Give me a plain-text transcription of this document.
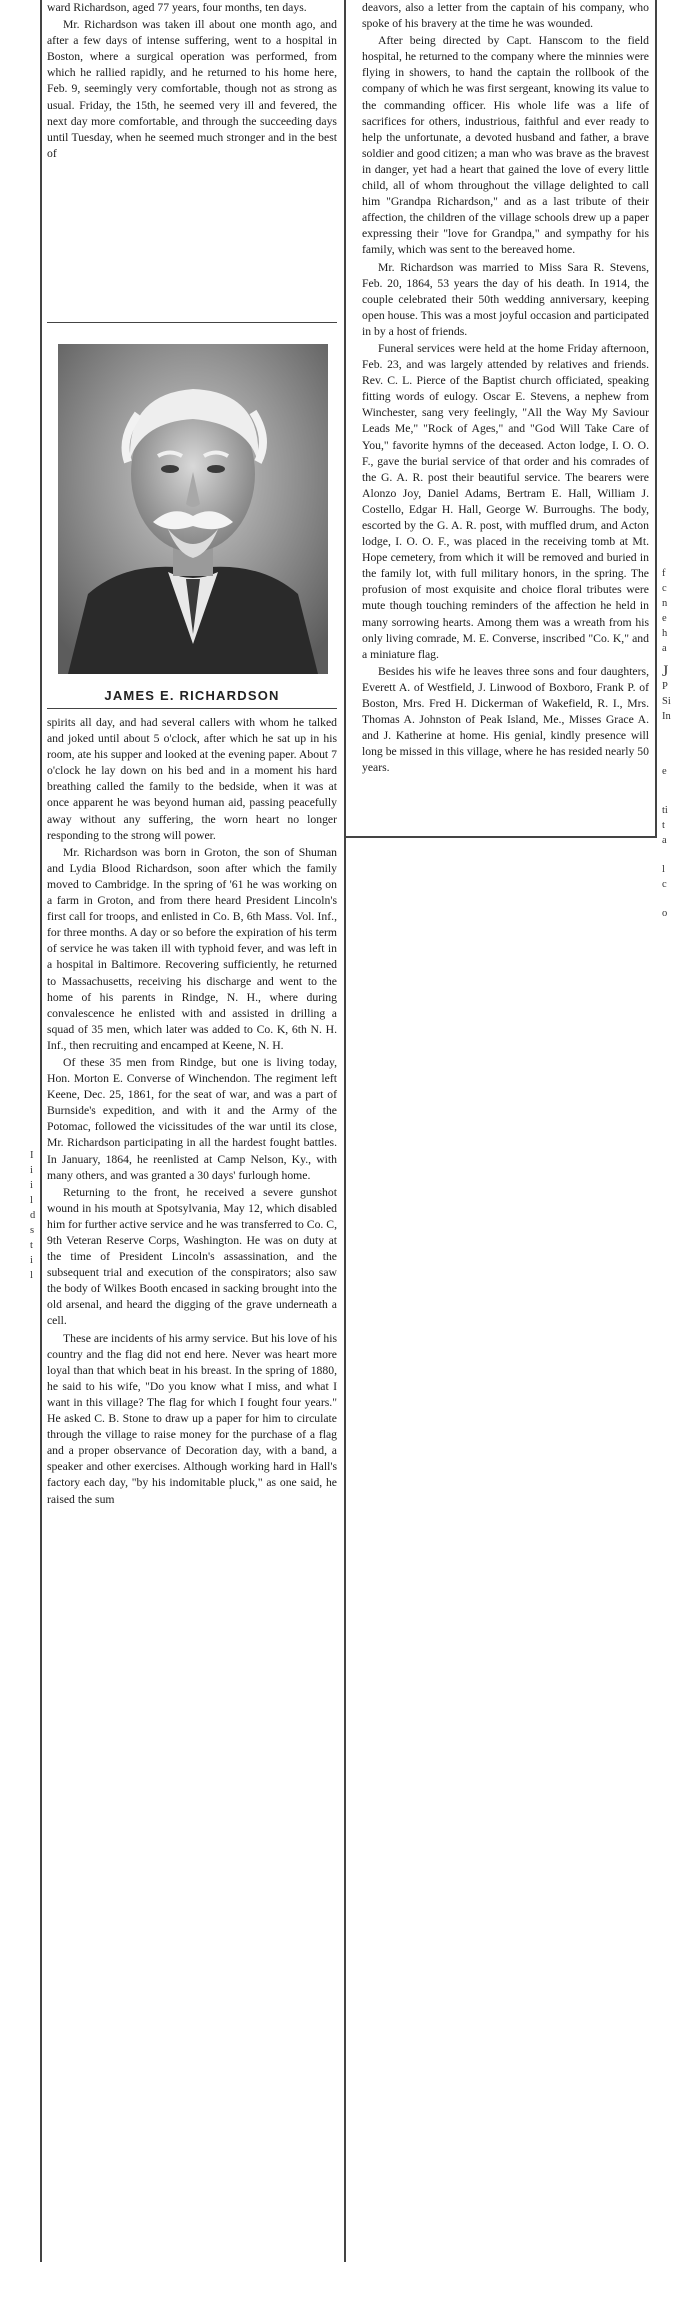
ward Richardson, aged 77 years, four months, ten days.

Mr. Richardson was taken ill about one month ago, and after a few days of intense suffering, went to a hospital in Boston, where a surgical operation was performed, from which he rallied rapidly, and he returned to his home here, Feb. 9, seemingly very comfortable, though not as strong as usual. Friday, the 15th, he seemed very ill and fevered, the next day more comfortable, and through the succeeding days until Tuesday, when he seemed much stronger and in the best of

JAMES E. RICHARDSON

spirits all day, and had several callers with whom he talked and joked until about 5 o'clock, after which he sat up in his room, ate his supper and looked at the evening paper. About 7 o'clock he lay down on his bed and in a moment his hard breathing called the family to the bedside, when it was at once apparent he was beyond human aid, passing peacefully away without any suffering, the worn heart no longer responding to the strong will power.

Mr. Richardson was born in Groton, the son of Shuman and Lydia Blood Richardson, soon after which the family moved to Cambridge. In the spring of '61 he was working on a farm in Groton, and from there heard President Lincoln's first call for troops, and enlisted in Co. B, 6th Mass. Vol. Inf., for three months. A day or so before the expiration of his term of service he was taken ill with typhoid fever, and was left in a hospital in Baltimore. Recovering sufficiently, he returned to Massachusetts, receiving his discharge and went to the home of his parents in Rindge, N. H., where during convalescence he enlisted with and assisted in drilling a squad of 35 men, which later was added to Co. K, 6th N. H. Inf., then recruiting and encamped at Keene, N. H.

Of these 35 men from Rindge, but one is living today, Hon. Morton E. Converse of Winchendon. The regiment left Keene, Dec. 25, 1861, for the seat of war, and was a part of Burnside's expedition, and with it and the Army of the Potomac, followed the vicissitudes of the war until its close, Mr. Richardson participating in all the hardest fought battles. In January, 1864, he reenlisted at Camp Nelson, Ky., with many others, and was granted a 30 days' furlough home.

Returning to the front, he received a severe gunshot wound in his mouth at Spotsylvania, May 12, which disabled him for further active service and he was transferred to Co. C, 9th Veteran Reserve Corps, Washington. He was on duty at the time of President Lincoln's assassination, and the subsequent trial and execution of the conspirators; also saw the body of Wilkes Booth encased in sacking brought into the old arsenal, and heard the digging of the grave underneath a cell.

These are incidents of his army service. But his love of his country and the flag did not end here. Never was heart more loyal than that which beat in his breast. In the spring of 1880, he said to his wife, "Do you know what I miss, and what I want in this village? The flag for which I fought four years." He asked C. B. Stone to draw up a paper for him to circulate through the village to raise money for the purchase of a flag and a proper observance of Decoration day, with a band, a speaker and other exercises. Although working hard in Hall's factory each day, "by his indomitable pluck," as one said, he raised the sum

deavors, also a letter from the captain of his company, who spoke of his bravery at the time he was wounded.

After being directed by Capt. Hanscom to the field hospital, he returned to the company where the minnies were flying in showers, to hand the captain the rollbook of the company of which he was first sergeant, knowing its value to the commanding officer. His whole life was a life of sacrifices for others, industrious, faithful and ever ready to help the unfortunate, a devoted husband and father, a brave soldier and good citizen; a man who was brave as the bravest in danger, yet had a heart that gained the love of every little child, all of whom throughout the village delighted to call him "Grandpa Richardson," and as a last tribute of their affection, the children of the village schools drew up a paper expressing their "love for Grandpa," and sympathy for his family, which was sent to the bereaved home.

Mr. Richardson was married to Miss Sara R. Stevens, Feb. 20, 1864, 53 years the day of his death. In 1914, the couple celebrated their 50th wedding anniversary, keeping open house. This was a most joyful occasion and participated in by a host of friends.

Funeral services were held at the home Friday afternoon, Feb. 23, and was largely attended by relatives and friends. Rev. C. L. Pierce of the Baptist church officiated, speaking fitting words of eulogy. Oscar E. Stevens, a nephew from Winchester, sang very feelingly, "All the Way My Saviour Leads Me," "Rock of Ages," and "God Will Take Care of You," favorite hymns of the deceased. Acton lodge, I. O. O. F., gave the burial service of that order and his comrades of the G. A. R. post their beautiful service. The bearers were Alonzo Joy, Daniel Adams, Bertram E. Hall, William J. Costello, Edgar H. Hall, George W. Burroughs. The body, escorted by the G. A. R. post, with muffled drum, and Acton lodge, I. O. O. F., was placed in the receiving tomb at Mt. Hope cemetery, from which it will be removed and buried in the family lot, with full military honors, in the spring. The profusion of most exquisite and choice floral tributes were mute though touching reminders of the affection he held in many sorrowing hearts. Among them was a wreath from his only living comrade, M. E. Converse, inscribed "Co. K," and a miniature flag.

Besides his wife he leaves three sons and four daughters, Everett A. of Westfield, J. Linwood of Boxboro, Frank P. of Boston, Mrs. Fred H. Dickerman of Wakefield, R. I., Mrs. Thomas A. Johnston of Peak Island, Me., Misses Grace A. and J. Katherine at home. His genial, kindly presence will long be missed in this village, where he has resided nearly 50 years.

I
i
i
l
d
s
t
i
l
f
c
n
e
h
a
J
P
Si
In
e
ti
t
a
l
c
o
